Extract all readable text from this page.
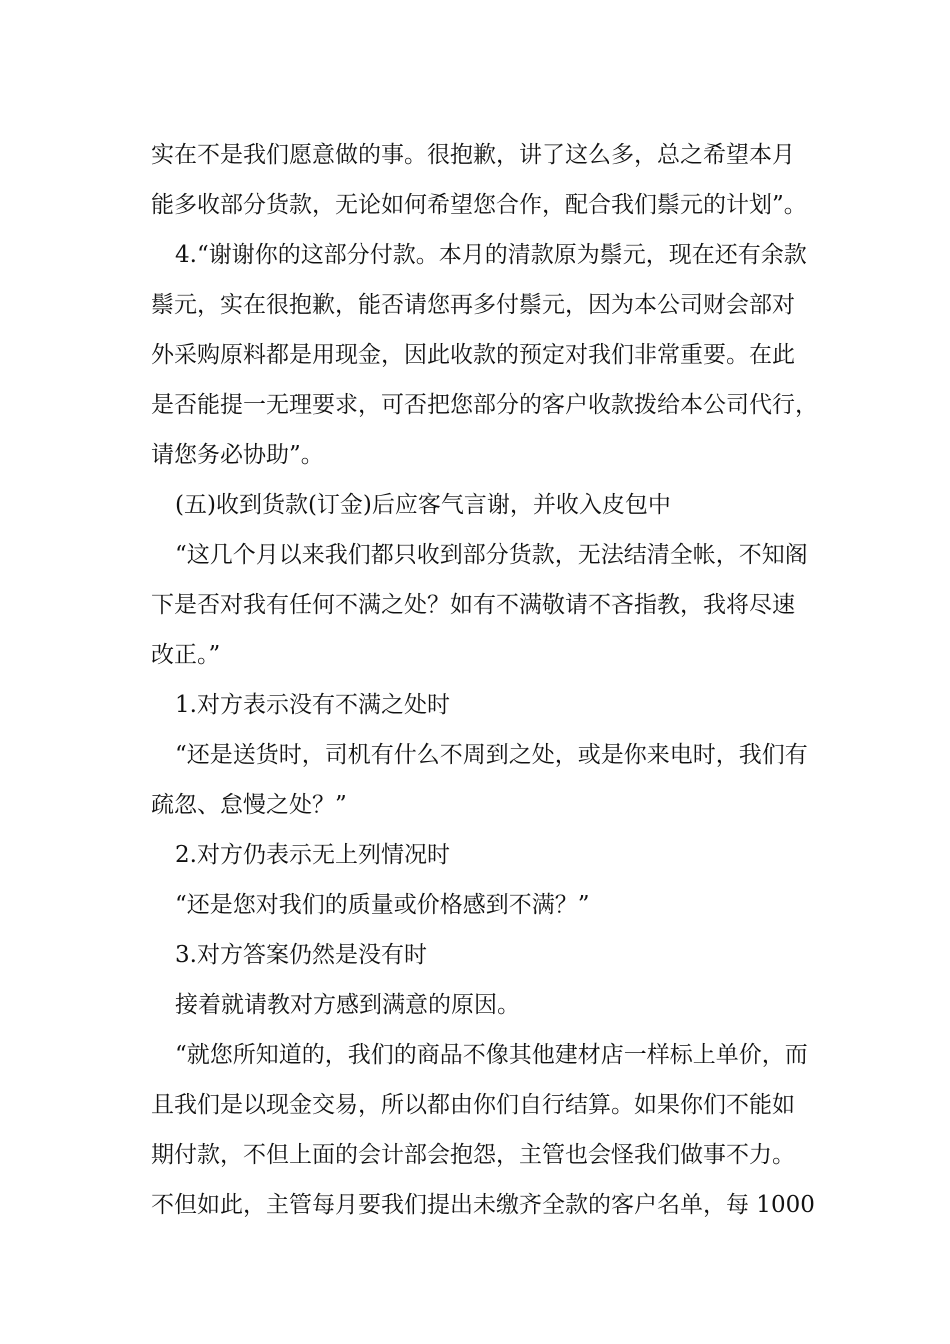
实在不是我们愿意做的事。很抱歉，讲了这么多，总之希望本月
能多收部分货款，无论如何希望您合作，配合我们鬃元的计划”。
4.“谢谢你的这部分付款。本月的清款原为鬃元，现在还有余款
鬃元，实在很抱歉，能否请您再多付鬃元，因为本公司财会部对
外采购原料都是用现金，因此收款的预定对我们非常重要。在此
是否能提一无理要求，可否把您部分的客户收款拨给本公司代行，
请您务必协助”。
(五)收到货款(订金)后应客气言谢，并收入皮包中
“这几个月以来我们都只收到部分货款，无法结清全帐，不知阁
下是否对我有任何不满之处？如有不满敬请不吝指教，我将尽速
改正。”
1.对方表示没有不满之处时
“还是送货时，司机有什么不周到之处，或是你来电时，我们有
疏忽、怠慢之处？”
2.对方仍表示无上列情况时
“还是您对我们的质量或价格感到不满？”
3.对方答案仍然是没有时
接着就请教对方感到满意的原因。
“就您所知道的，我们的商品不像其他建材店一样标上单价，而
且我们是以现金交易，所以都由你们自行结算。如果你们不能如
期付款，不但上面的会计部会抱怨，主管也会怪我们做事不力。
不但如此，主管每月要我们提出未缴齐全款的客户名单，每 1000
